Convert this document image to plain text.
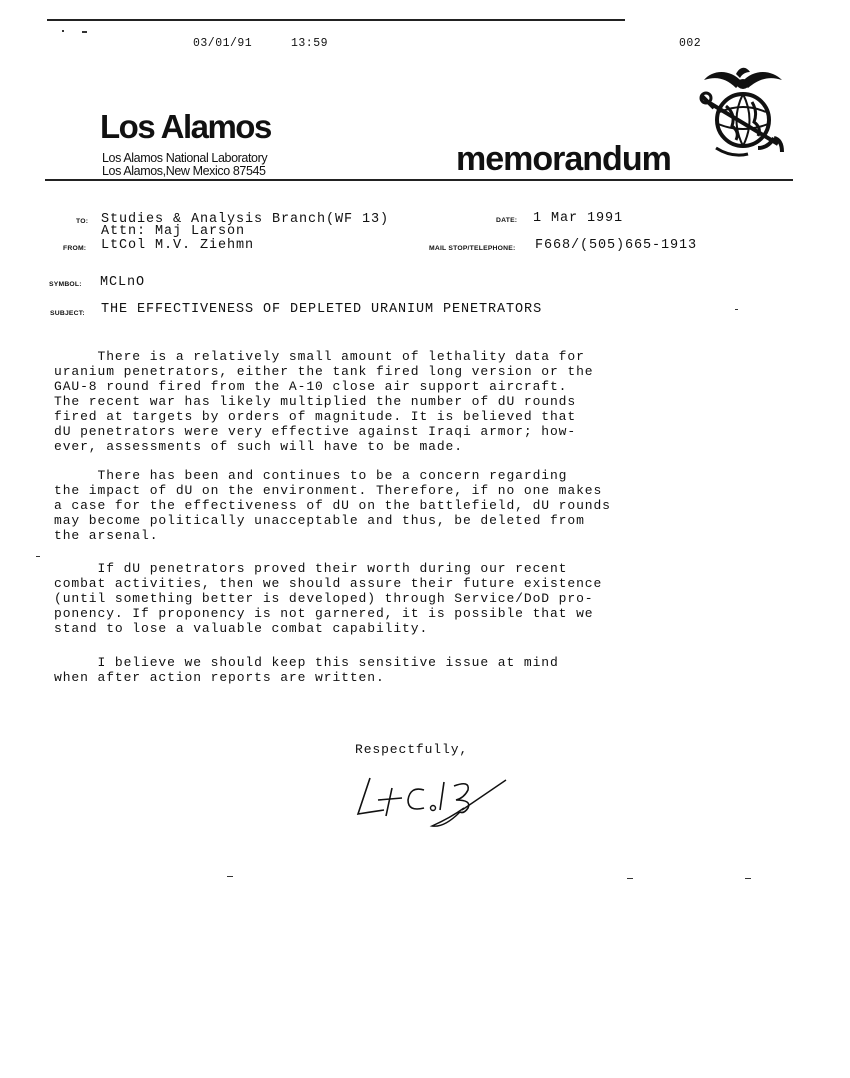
03/01/91	13:59	002
Los Alamos
Los Alamos National Laboratory
Los Alamos,New Mexico 87545	memorandum
TO: Studies & Analysis Branch(WF 13)
Attn: Maj Larson
DATE: 1 Mar 1991
FROM: LtCol M.V. Ziehmn	MAIL STOP/TELEPHONE: F668/(505)665-1913
SYMBOL: MCLnO
SUBJECT: THE EFFECTIVENESS OF DEPLETED URANIUM PENETRATORS
There is a relatively small amount of lethality data for
uranium penetrators, either the tank fired long version or the
GAU-8 round fired from the A-10 close air support aircraft.
The recent war has likely multiplied the number of dU rounds
fired at targets by orders of magnitude. It is believed that
dU penetrators were very effective against Iraqi armor; how-
ever, assessments of such will have to be made.
There has been and continues to be a concern regarding
the impact of dU on the environment. Therefore, if no one makes
a case for the effectiveness of dU on the battlefield, dU rounds
may become politically unacceptable and thus, be deleted from
the arsenal.
If dU penetrators proved their worth during our recent
combat activities, then we should assure their future existence
(until something better is developed) through Service/DoD pro-
ponency. If proponency is not garnered, it is possible that we
stand to lose a valuable combat capability.
I believe we should keep this sensitive issue at mind
when after action reports are written.
Respectfully,
